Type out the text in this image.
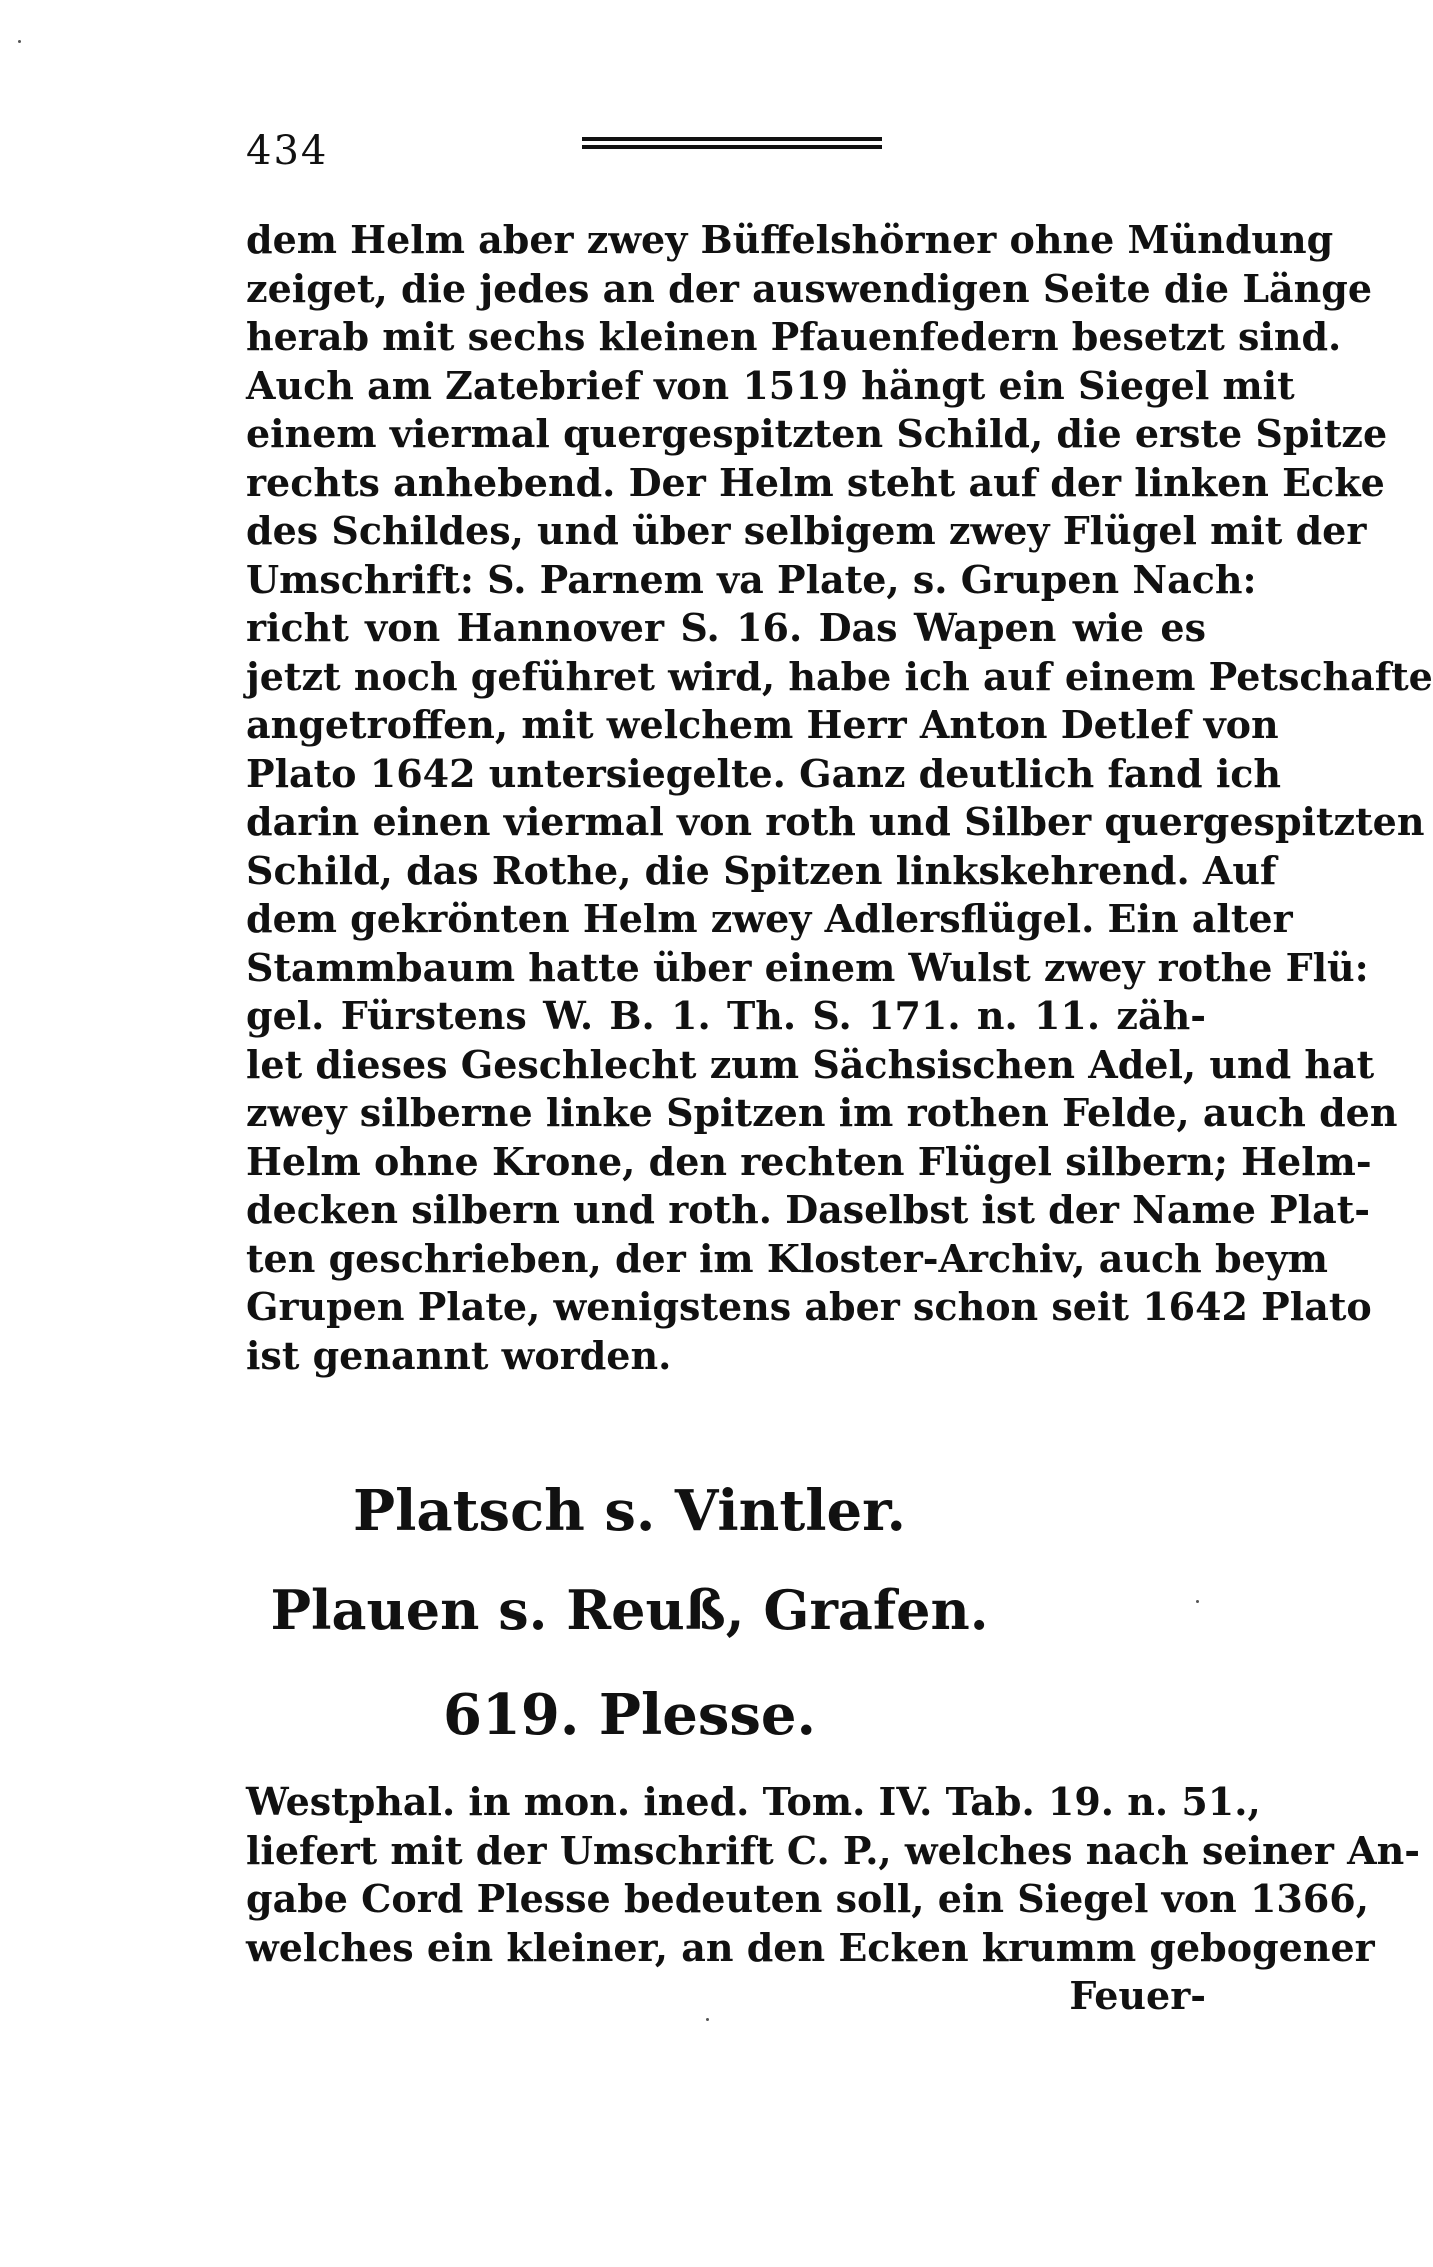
434
dem Helm aber zwey Büffelshörner ohne Mündung
zeiget, die jedes an der auswendigen Seite die Länge
herab mit sechs kleinen Pfauenfedern besetzt sind.
Auch am Zatebrief von 1519 hängt ein Siegel mit
einem viermal quergespitzten Schild, die erste Spitze
rechts anhebend. Der Helm steht auf der linken Ecke
des Schildes, und über selbigem zwey Flügel mit der
Umschrift: S. Parnem va Plate, s. Grupen Nach:
richt von Hannover S. 16. Das Wapen wie es
jetzt noch geführet wird, habe ich auf einem Petschafte
angetroffen, mit welchem Herr Anton Detlef von
Plato 1642 untersiegelte. Ganz deutlich fand ich
darin einen viermal von roth und Silber quergespitzten
Schild, das Rothe, die Spitzen linkskehrend. Auf
dem gekrönten Helm zwey Adlersflügel. Ein alter
Stammbaum hatte über einem Wulst zwey rothe Flü:
gel. Fürstens W. B. 1. Th. S. 171. n. 11. zäh-
let dieses Geschlecht zum Sächsischen Adel, und hat
zwey silberne linke Spitzen im rothen Felde, auch den
Helm ohne Krone, den rechten Flügel silbern; Helm-
decken silbern und roth. Daselbst ist der Name Plat-
ten geschrieben, der im Kloster-Archiv, auch beym
Grupen Plate, wenigstens aber schon seit 1642 Plato
ist genannt worden.
Platsch s. Vintler.
Plauen s. Reuß, Grafen.
619. Plesse.
Westphal. in mon. ined. Tom. IV. Tab. 19. n. 51.,
liefert mit der Umschrift C. P., welches nach seiner An-
gabe Cord Plesse bedeuten soll, ein Siegel von 1366,
welches ein kleiner, an den Ecken krumm gebogener
Feuer-
